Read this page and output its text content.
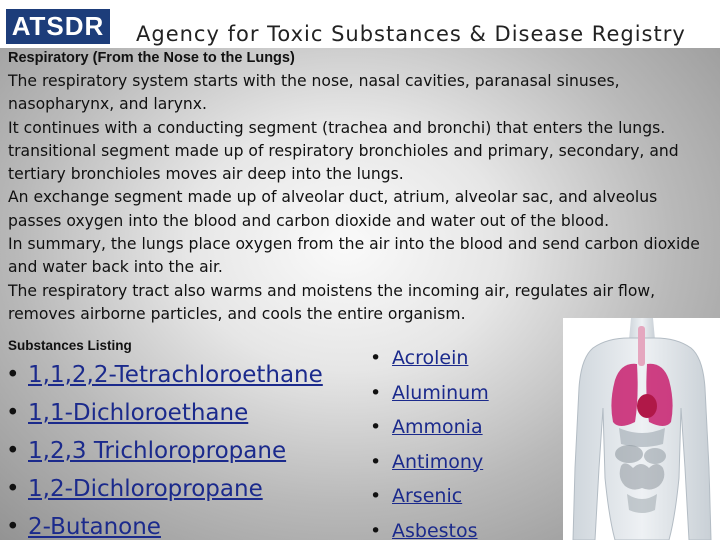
ATSDR Agency for Toxic Substances & Disease Registry
Respiratory (From the Nose to the Lungs)

The respiratory system starts with the nose, nasal cavities, paranasal sinuses, nasopharynx, and larynx.

It continues with a conducting segment (trachea and bronchi) that enters the lungs.

transitional segment made up of respiratory bronchioles and primary, secondary, and tertiary bronchioles moves air deep into the lungs.

An exchange segment made up of alveolar duct, atrium, alveolar sac, and alveolus passes oxygen into the blood and carbon dioxide and water out of the blood.

In summary, the lungs place oxygen from the air into the blood and send carbon dioxide and water back into the air.

The respiratory tract also warms and moistens the incoming air, regulates air flow, removes airborne particles, and cools the entire organism.

Substances Listing
• 1,1,2,2-Tetrachloroethane
• 1,1-Dichloroethane
• 1,2,3 Trichloropropane
• 1,2-Dichloropropane
• 2-Butanone
• Acrolein
• Aluminum
• Ammonia
• Antimony
• Arsenic
• Asbestos
